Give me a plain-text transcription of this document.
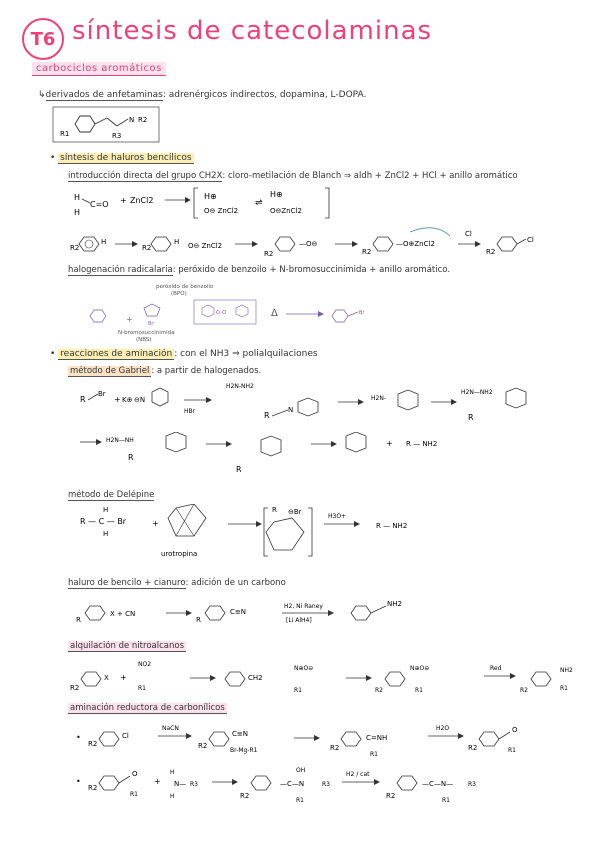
T6 síntesis de catecolaminas
carbociclos aromáticos
↳derivados de anfetaminas: adrenérgicos indirectos, dopamina, L-DOPA.
N R2
R1	R3
• síntesis de haluros bencílicos
introducción directa del grupo CH2X: cloro-metilación de Blanch ⇒ aldh + ZnCl2 + HCl + anillo aromático
H
C=O
H
+ ZnCl2	H⊕
O⊖ ZnCl2
⇌
H⊕
O⊖ZnCl2
R2
H
R2
H O⊖ ZnCl2
R2
—O⊖
R2
—O⊕ZnCl2
Cl
R2
Cl
halogenación radicalaria: peróxido de benzoilo + N-bromosuccinimida + anillo aromático.
peróxido de benzoilo
(BPO)
+	Br
O-O
N-bromosuccinimida
(NBS)
Δ	Br
• reacciones de aminación : con el NH3 ⇒ polialquilaciones
método de Gabriel : a partir de halogenados.
R
Br
+ K⊕ ⊖N
HBr
H2N-NH2
R
N
H2N-
H2N—NH2
R
H2N—NH
R
R
+ R — NH2
método de Delépine
R — C — Br
H
H
+
urotropina
R ⊖Br
H3O+
R — NH2
haluro de bencilo + cianuro: adición de un carbono
R
X + CN
R
C≡N
H2, Ni Raney
[Li AlH4]
NH2
alquilación de nitroalcanos
R2
X +
NO2
R1
CH2
N⊕O⊖
R1	R2
N⊕O⊖
R1
Red
R2
NH2
R1
aminación reductora de carbonílicos
•
R2
Cl
NaCN
R2
C≡N
Br-Mg-R1	R2
C=NH
R1
H2O
R2
O
R1
•
R2
O
R1
+
H
N— R3
H	R2
OH
—C—N	R3
R1
H2 / cat
R2
—C—N— R3
R1
